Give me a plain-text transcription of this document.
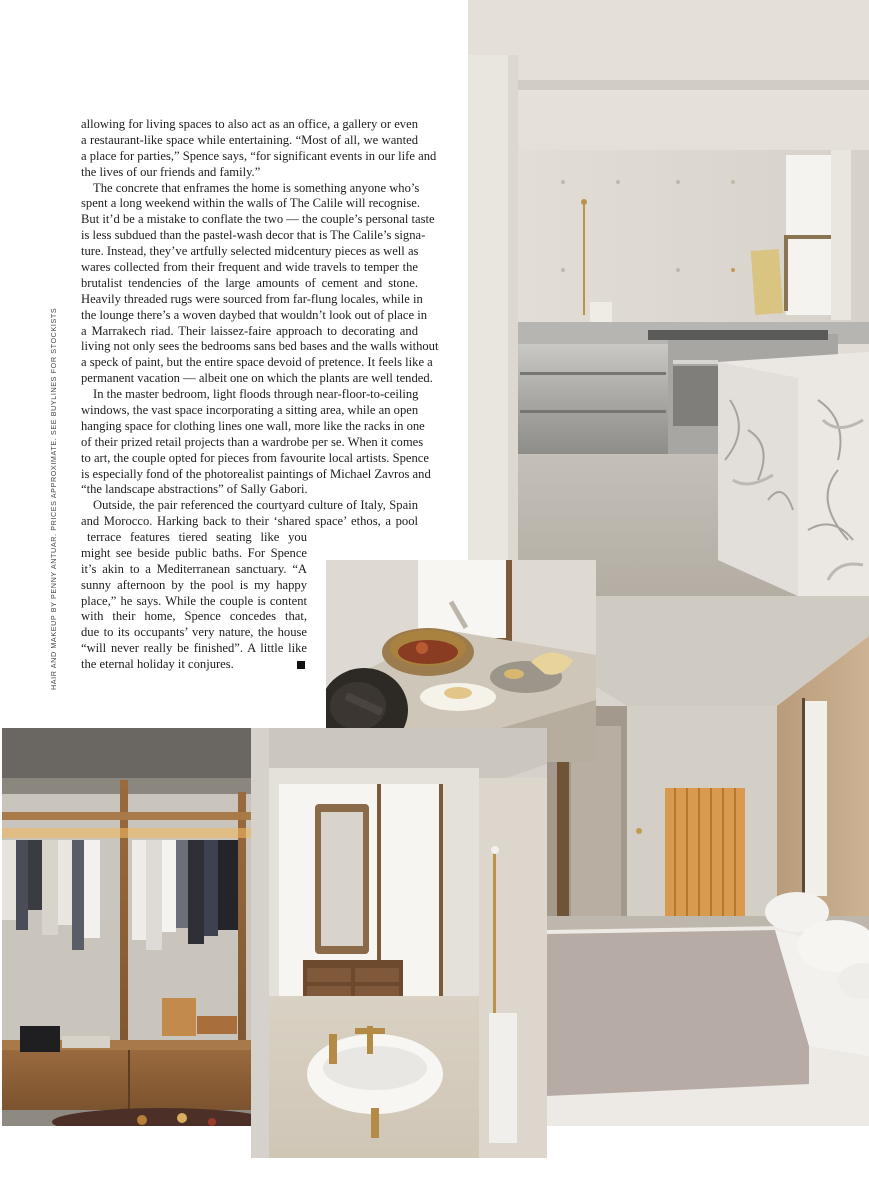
HAIR AND MAKEUP BY PENNY ANTUAR. PRICES APPROXIMATE. SEE BUYLINES FOR STOCKISTS
allowing for living spaces to also act as an office, a gallery or even
a restaurant-like space while entertaining. “Most of all, we wanted
a place for parties,” Spence says, “for significant events in our life and
the lives of our friends and family.”
The concrete that enframes the home is something anyone who’s
spent a long weekend within the walls of The Calile will recognise.
But it’d be a mistake to conflate the two — the couple’s personal taste
is less subdued than the pastel-wash decor that is The Calile’s signa-
ture. Instead, they’ve artfully selected midcentury pieces as well as
wares collected from their frequent and wide travels to temper the
brutalist tendencies of the large amounts of cement and stone.
Heavily threaded rugs were sourced from far-flung locales, while in
the lounge there’s a woven daybed that wouldn’t look out of place in
a Marrakech riad. Their laissez-faire approach to decorating and
living not only sees the bedrooms sans bed bases and the walls without
a speck of paint, but the entire space devoid of pretence. It feels like a
permanent vacation — albeit one on which the plants are well tended.
In the master bedroom, light floods through near-floor-to-ceiling
windows, the vast space incorporating a sitting area, while an open
hanging space for clothing lines one wall, more like the racks in one
of their prized retail projects than a wardrobe per se. When it comes
to art, the couple opted for pieces from favourite local artists. Spence
is especially fond of the photorealist paintings of Michael Zavros and
“the landscape abstractions” of Sally Gabori.
Outside, the pair referenced the courtyard culture of Italy, Spain
and Morocco. Harking back to their ‘shared space’ ethos, a pool
terrace features tiered seating like you
might see beside public baths. For Spence
it’s akin to a Mediterranean sanctuary. “A
sunny afternoon by the pool is my happy
place,” he says. While the couple is content
with their home, Spence concedes that,
due to its occupants’ very nature, the house
“will never really be finished”. A little like
the eternal holiday it conjures.
